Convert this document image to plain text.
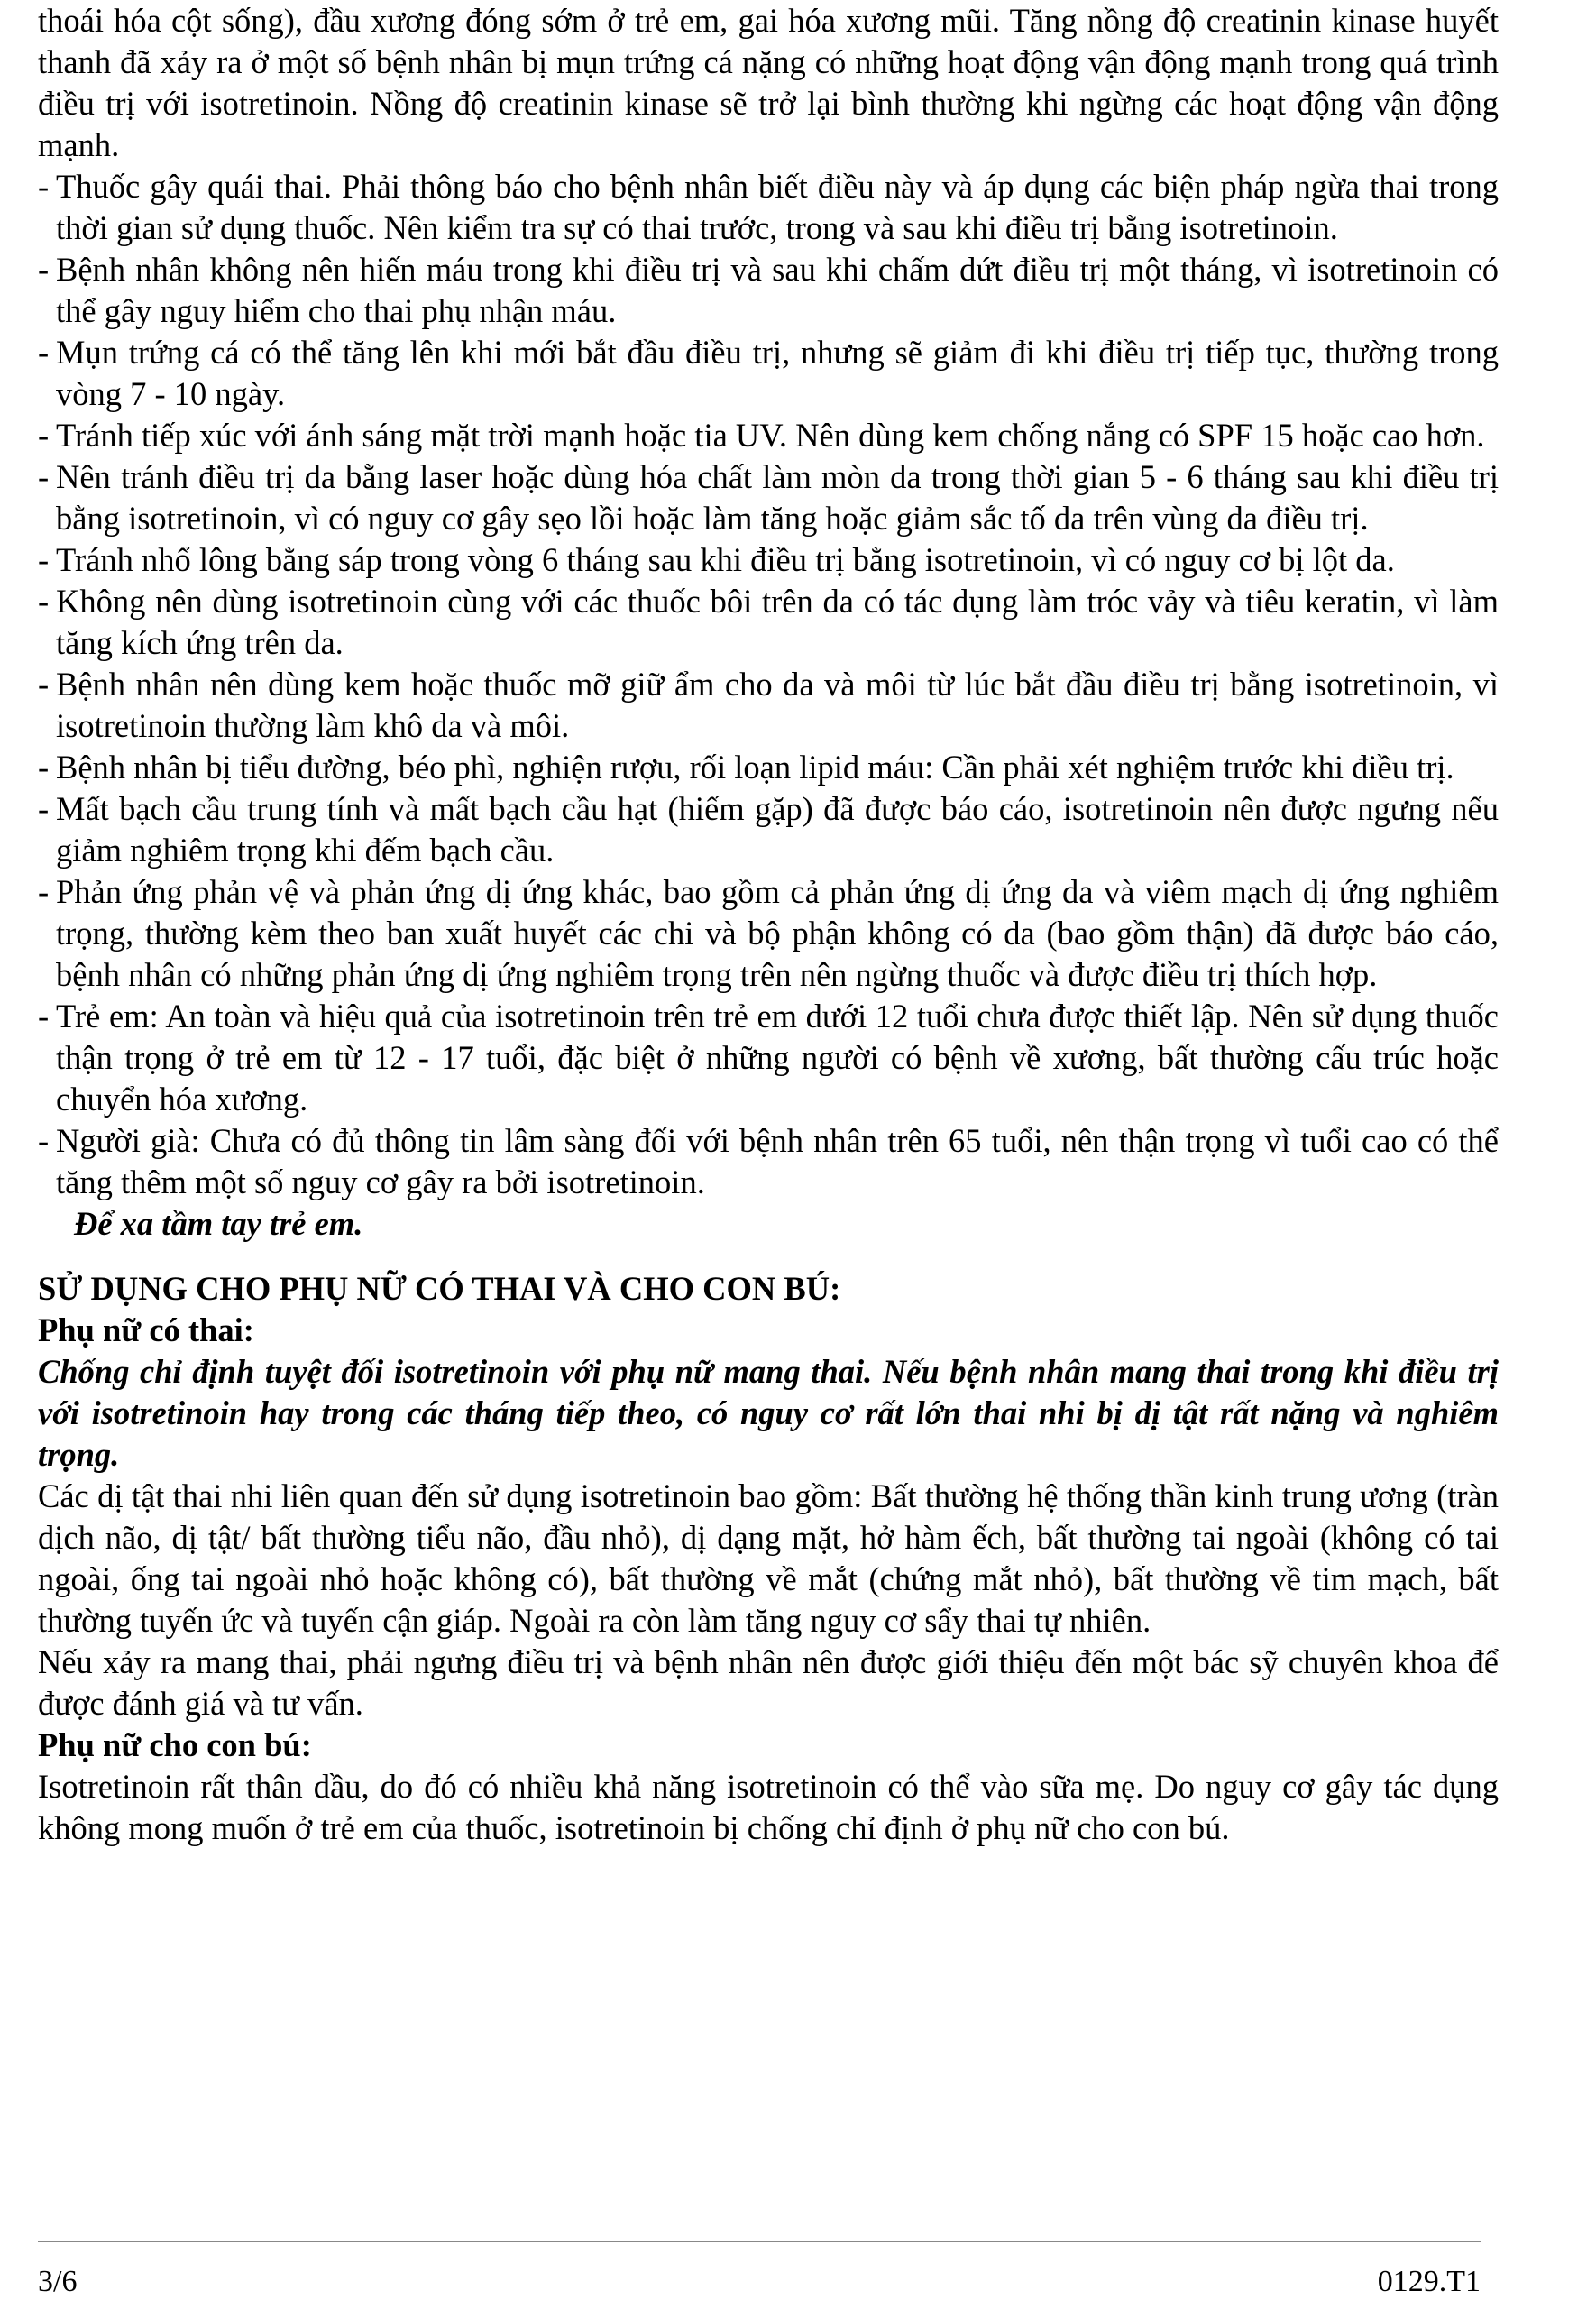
thoái hóa cột sống), đầu xương đóng sớm ở trẻ em, gai hóa xương mũi. Tăng nồng độ creatinin kinase huyết thanh đã xảy ra ở một số bệnh nhân bị mụn trứng cá nặng có những hoạt động vận động mạnh trong quá trình điều trị với isotretinoin. Nồng độ creatinin kinase sẽ trở lại bình thường khi ngừng các hoạt động vận động mạnh.

- Thuốc gây quái thai. Phải thông báo cho bệnh nhân biết điều này và áp dụng các biện pháp ngừa thai trong thời gian sử dụng thuốc. Nên kiểm tra sự có thai trước, trong và sau khi điều trị bằng isotretinoin.

- Bệnh nhân không nên hiến máu trong khi điều trị và sau khi chấm dứt điều trị một tháng, vì isotretinoin có thể gây nguy hiểm cho thai phụ nhận máu.

- Mụn trứng cá có thể tăng lên khi mới bắt đầu điều trị, nhưng sẽ giảm đi khi điều trị tiếp tục, thường trong vòng 7 - 10 ngày.

- Tránh tiếp xúc với ánh sáng mặt trời mạnh hoặc tia UV. Nên dùng kem chống nắng có SPF 15 hoặc cao hơn.

- Nên tránh điều trị da bằng laser hoặc dùng hóa chất làm mòn da trong thời gian 5 - 6 tháng sau khi điều trị bằng isotretinoin, vì có nguy cơ gây sẹo lồi hoặc làm tăng hoặc giảm sắc tố da trên vùng da điều trị.

- Tránh nhổ lông bằng sáp trong vòng 6 tháng sau khi điều trị bằng isotretinoin, vì có nguy cơ bị lột da.

- Không nên dùng isotretinoin cùng với các thuốc bôi trên da có tác dụng làm tróc vảy và tiêu keratin, vì làm tăng kích ứng trên da.

- Bệnh nhân nên dùng kem hoặc thuốc mỡ giữ ẩm cho da và môi từ lúc bắt đầu điều trị bằng isotretinoin, vì isotretinoin thường làm khô da và môi.

- Bệnh nhân bị tiểu đường, béo phì, nghiện rượu, rối loạn lipid máu: Cần phải xét nghiệm trước khi điều trị.

- Mất bạch cầu trung tính và mất bạch cầu hạt (hiếm gặp) đã được báo cáo, isotretinoin nên được ngưng nếu giảm nghiêm trọng khi đếm bạch cầu.

- Phản ứng phản vệ và phản ứng dị ứng khác, bao gồm cả phản ứng dị ứng da và viêm mạch dị ứng nghiêm trọng, thường kèm theo ban xuất huyết các chi và bộ phận không có da (bao gồm thận) đã được báo cáo, bệnh nhân có những phản ứng dị ứng nghiêm trọng trên nên ngừng thuốc và được điều trị thích hợp.

- Trẻ em: An toàn và hiệu quả của isotretinoin trên trẻ em dưới 12 tuổi chưa được thiết lập. Nên sử dụng thuốc thận trọng ở trẻ em từ 12 - 17 tuổi, đặc biệt ở những người có bệnh về xương, bất thường cấu trúc hoặc chuyển hóa xương.

- Người già: Chưa có đủ thông tin lâm sàng đối với bệnh nhân trên 65 tuổi, nên thận trọng vì tuổi cao có thể tăng thêm một số nguy cơ gây ra bởi isotretinoin.

Để xa tầm tay trẻ em.

SỬ DỤNG CHO PHỤ NỮ CÓ THAI VÀ CHO CON BÚ:

Phụ nữ có thai:

Chống chỉ định tuyệt đối isotretinoin với phụ nữ mang thai. Nếu bệnh nhân mang thai trong khi điều trị với isotretinoin hay trong các tháng tiếp theo, có nguy cơ rất lớn thai nhi bị dị tật rất nặng và nghiêm trọng.

Các dị tật thai nhi liên quan đến sử dụng isotretinoin bao gồm: Bất thường hệ thống thần kinh trung ương (tràn dịch não, dị tật/ bất thường tiểu não, đầu nhỏ), dị dạng mặt, hở hàm ếch, bất thường tai ngoài (không có tai ngoài, ống tai ngoài nhỏ hoặc không có), bất thường về mắt (chứng mắt nhỏ), bất thường về tim mạch, bất thường tuyến ức và tuyến cận giáp. Ngoài ra còn làm tăng nguy cơ sẩy thai tự nhiên.

Nếu xảy ra mang thai, phải ngưng điều trị và bệnh nhân nên được giới thiệu đến một bác sỹ chuyên khoa để được đánh giá và tư vấn.

Phụ nữ cho con bú:

Isotretinoin rất thân dầu, do đó có nhiều khả năng isotretinoin có thể vào sữa mẹ. Do nguy cơ gây tác dụng không mong muốn ở trẻ em của thuốc, isotretinoin bị chống chỉ định ở phụ nữ cho con bú.

3/6	0129.T1
